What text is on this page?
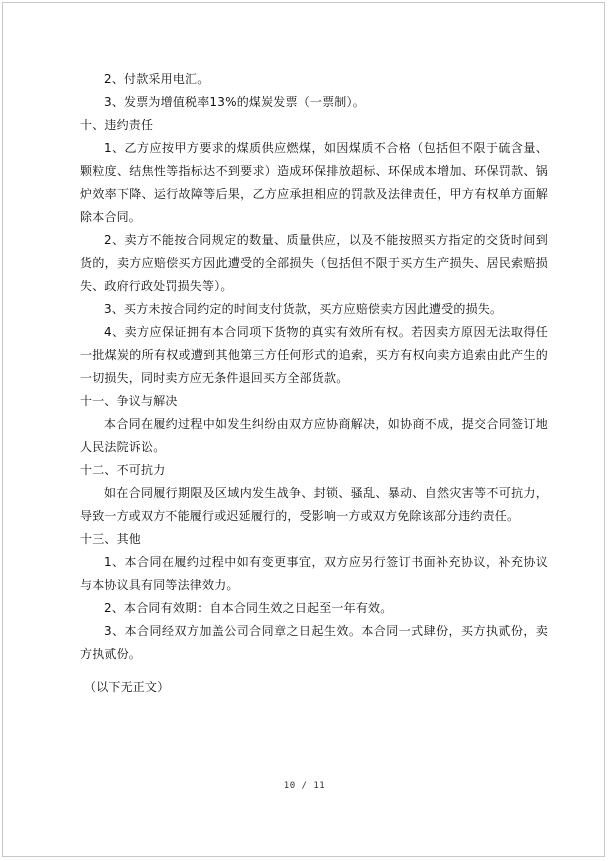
2、付款采用电汇。

3、发票为增值税率13%的煤炭发票（一票制）。

十、违约责任

1、乙方应按甲方要求的煤质供应燃煤，如因煤质不合格（包括但不限于硫含量、颗粒度、结焦性等指标达不到要求）造成环保排放超标、环保成本增加、环保罚款、锅炉效率下降、运行故障等后果，乙方应承担相应的罚款及法律责任，甲方有权单方面解除本合同。

2、卖方不能按合同规定的数量、质量供应，以及不能按照买方指定的交货时间到货的，卖方应赔偿买方因此遭受的全部损失（包括但不限于买方生产损失、居民索赔损失、政府行政处罚损失等）。

3、买方未按合同约定的时间支付货款，买方应赔偿卖方因此遭受的损失。

4、卖方应保证拥有本合同项下货物的真实有效所有权。若因卖方原因无法取得任一批煤炭的所有权或遭到其他第三方任何形式的追索，买方有权向卖方追索由此产生的一切损失，同时卖方应无条件退回买方全部货款。

十一、争议与解决

本合同在履约过程中如发生纠纷由双方应协商解决，如协商不成，提交合同签订地人民法院诉讼。

十二、不可抗力

如在合同履行期限及区域内发生战争、封锁、骚乱、暴动、自然灾害等不可抗力，导致一方或双方不能履行或迟延履行的，受影响一方或双方免除该部分违约责任。

十三、其他

1、本合同在履约过程中如有变更事宜，双方应另行签订书面补充协议，补充协议与本协议具有同等法律效力。

2、本合同有效期：自本合同生效之日起至一年有效。

3、本合同经双方加盖公司合同章之日起生效。本合同一式肆份，买方执贰份，卖方执贰份。

（以下无正文）

10 / 11
